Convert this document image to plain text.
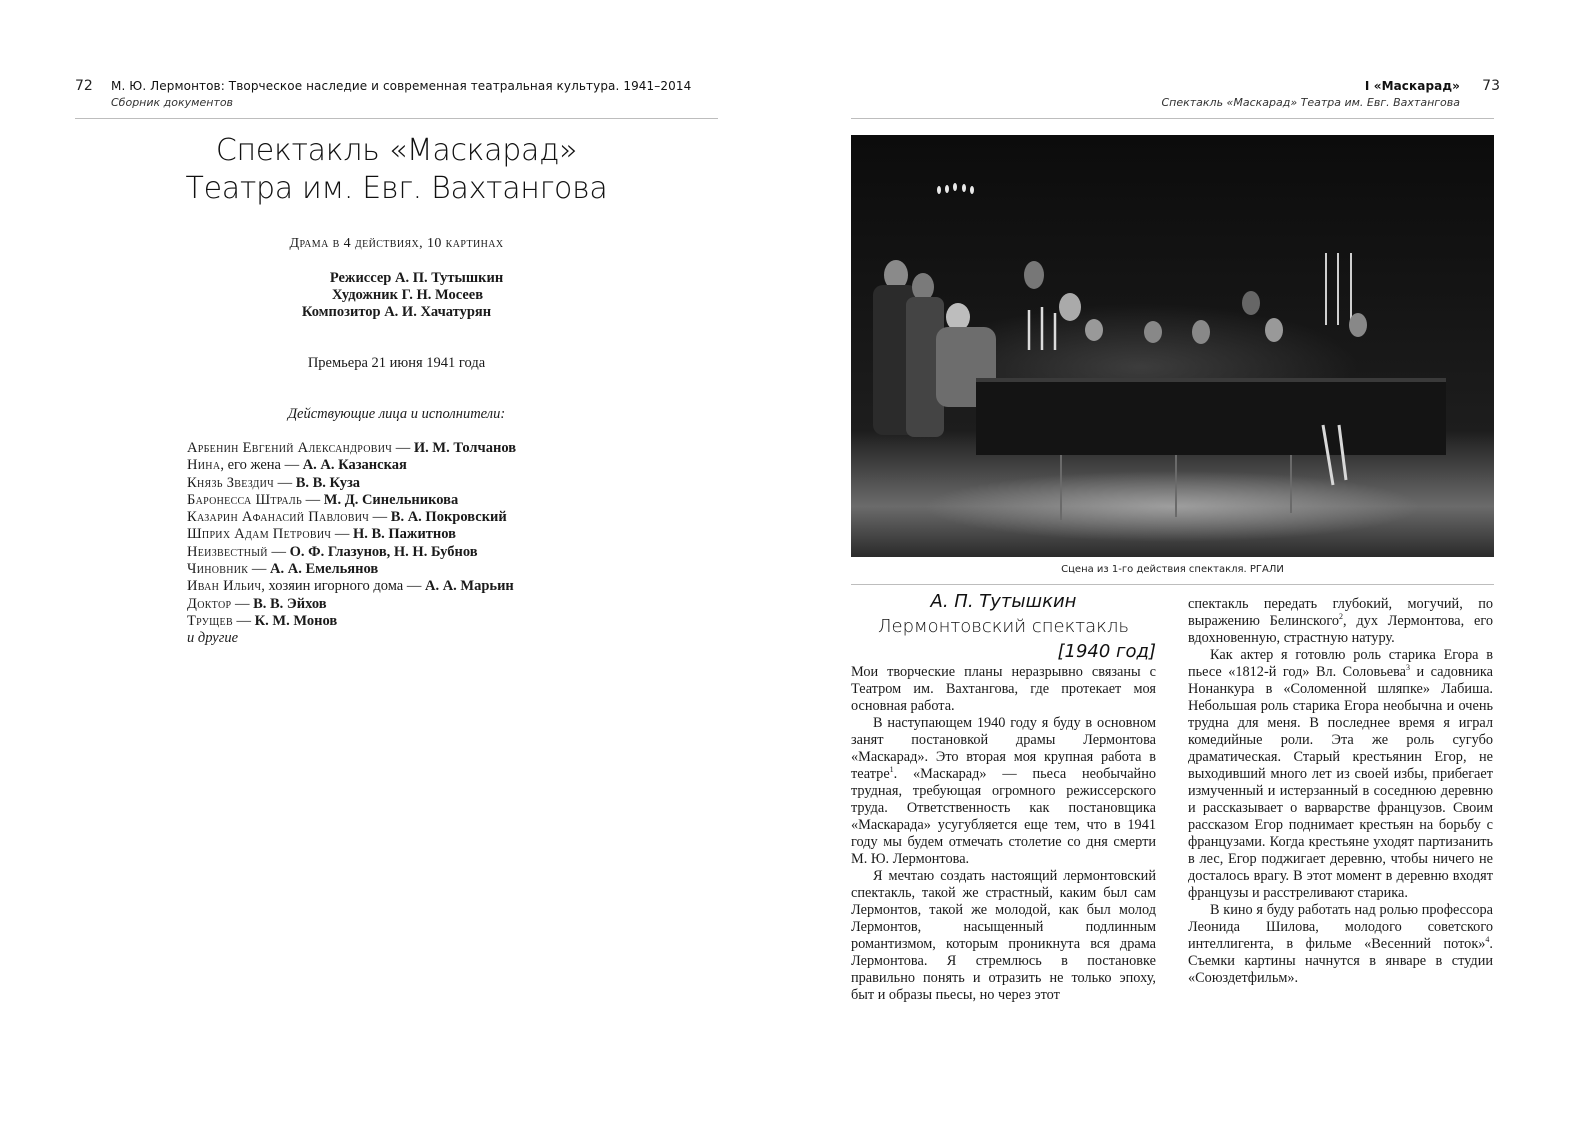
72 М. Ю. Лермонтов: Творческое наследие и современная театральная культура. 1941–2014
Сборник документов
Спектакль «Маскарад»
Театра им. Евг. Вахтангова
Драма в 4 действиях, 10 картинах
Режиссер А. П. Тутышкин
Художник Г. Н. Мосеев
Композитор А. И. Хачатурян
Премьера 21 июня 1941 года
Действующие лица и исполнители:
Арбенин Евгений Александрович — И. М. Толчанов
Нина, его жена — А. А. Казанская
Князь Звездич — В. В. Куза
Баронесса Штраль — М. Д. Синельникова
Казарин Афанасий Павлович — В. А. Покровский
Шприх Адам Петрович — Н. В. Пажитнов
Неизвестный — О. Ф. Глазунов, Н. Н. Бубнов
Чиновник — А. А. Емельянов
Иван Ильич, хозяин игорного дома — А. А. Марьин
Доктор — В. В. Эйхов
Трущев — К. М. Монов
и другие
73
I «Маскарад»
Спектакль «Маскарад» Театра им. Евг. Вахтангова
Сцена из 1-го действия спектакля. РГАЛИ
А. П. Тутышкин
Лермонтовский спектакль
[1940 год]

Мои творческие планы неразрывно связаны с Театром им. Вахтангова, где протекает моя основная работа.

В наступающем 1940 году я буду в основном занят постановкой драмы Лермонтова «Маскарад». Это вторая моя крупная работа в театре$^1$. «Маскарад» — пьеса необычайно трудная, требующая огромного режиссерского труда. Ответственность как постановщика «Маскарада» усугубляется еще тем, что в 1941 году мы будем отмечать столетие со дня смерти М. Ю. Лермонтова.

Я мечтаю создать настоящий лермонтовский спектакль, такой же страстный, каким был сам Лермонтов, такой же молодой, как был молод Лермонтов, насыщенный подлинным романтизмом, которым проникнута вся драма Лермонтова. Я стремлюсь в постановке правильно понять и отразить не только эпоху, быт и образы пьесы, но через этот

спектакль передать глубокий, могучий, по выражению Белинского$^2$, дух Лермонтова, его вдохновенную, страстную натуру.

Как актер я готовлю роль старика Егора в пьесе «1812-й год» Вл. Соловьева$^3$ и садовника Нонанкура в «Соломенной шляпке» Лабиша. Небольшая роль старика Егора необычна и очень трудна для меня. В последнее время я играл комедийные роли. Эта же роль сугубо драматическая. Старый крестьянин Егор, не выходивший много лет из своей избы, прибегает измученный и истерзанный в соседнюю деревню и рассказывает о варварстве французов. Своим рассказом Егор поднимает крестьян на борьбу с французами. Когда крестьяне уходят партизанить в лес, Егор поджигает деревню, чтобы ничего не досталось врагу. В этот момент в деревню входят французы и расстреливают старика.

В кино я буду работать над ролью профессора Леонида Шилова, молодого советского интеллигента, в фильме «Весенний поток»$^4$. Съемки картины начнутся в январе в студии «Союздетфильм».
